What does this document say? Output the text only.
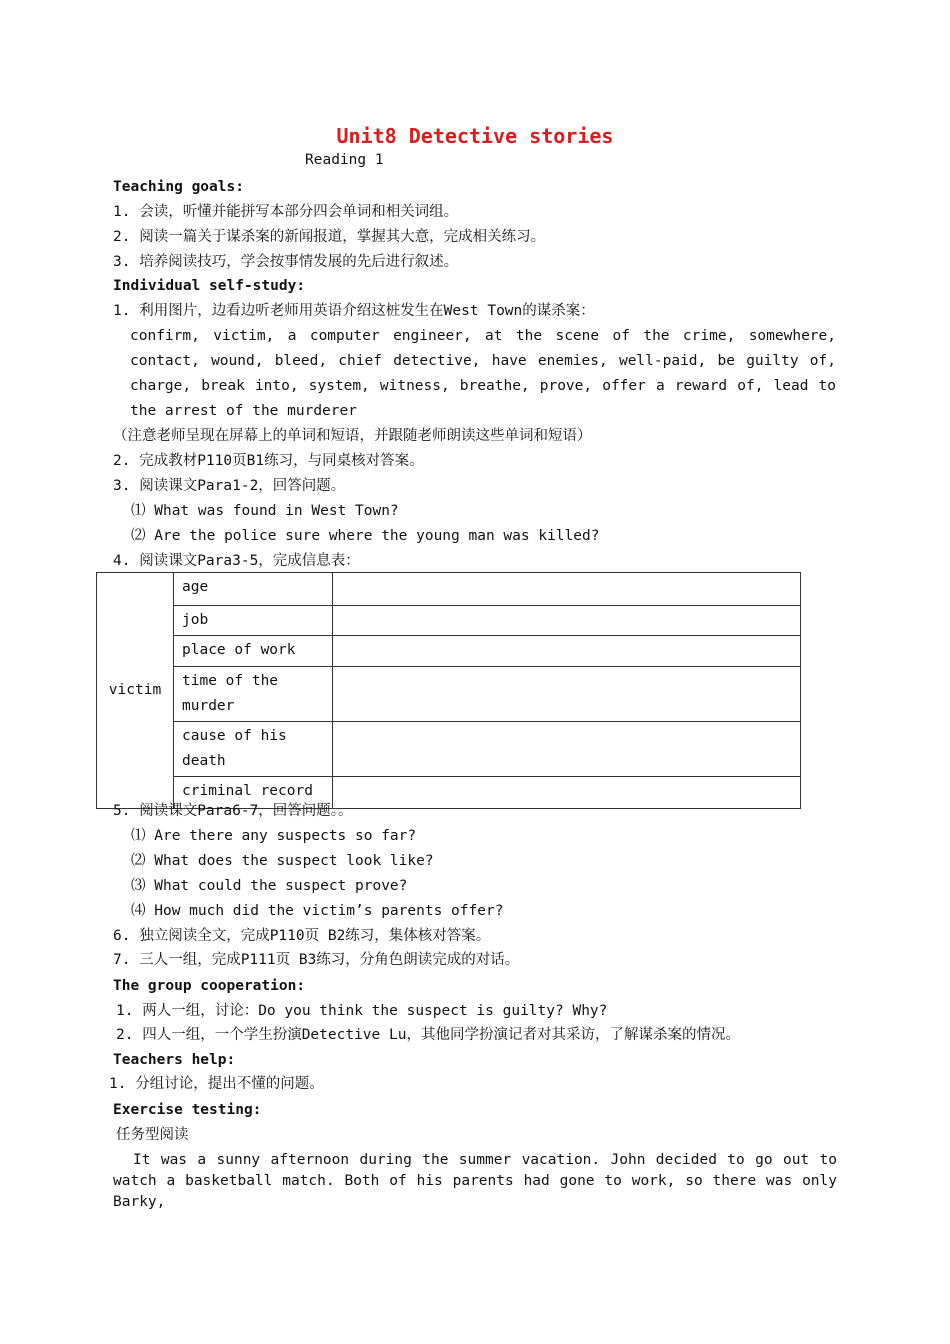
Unit8 Detective stories
Reading 1
Teaching goals:
1. 会读，听懂并能拼写本部分四会单词和相关词组。
2. 阅读一篇关于谋杀案的新闻报道，掌握其大意，完成相关练习。
3. 培养阅读技巧，学会按事情发展的先后进行叙述。
Individual self-study:
1. 利用图片，边看边听老师用英语介绍这桩发生在West Town的谋杀案：
confirm, victim, a computer engineer, at the scene of the crime, somewhere, contact, wound, bleed, chief detective, have enemies, well-paid, be guilty of, charge, break into, system, witness, breathe, prove, offer a reward of, lead to the arrest of the murderer
（注意老师呈现在屏幕上的单词和短语，并跟随老师朗读这些单词和短语）
2. 完成教材P110页B1练习，与同桌核对答案。
3. 阅读课文Para1-2，回答问题。
⑴ What was found in West Town?
⑵ Are the police sure where the young man was killed?
4. 阅读课文Para3-5，完成信息表：
victim	age	
	job	
	place of work	
	time of the murder	
	cause of his death	
	criminal record	
5. 阅读课文Para6-7，回答问题。。
⑴ Are there any suspects so far?
⑵ What does the suspect look like?
⑶ What could the suspect prove?
⑷ How much did the victim’s parents offer?
6. 独立阅读全文，完成P110页 B2练习，集体核对答案。
7. 三人一组，完成P111页 B3练习，分角色朗读完成的对话。
The group cooperation:
1. 两人一组，讨论：Do you think the suspect is guilty? Why?
2. 四人一组，一个学生扮演Detective Lu，其他同学扮演记者对其采访，了解谋杀案的情况。
Teachers help:
1. 分组讨论，提出不懂的问题。
Exercise testing:
任务型阅读
It was a sunny afternoon during the summer vacation. John decided to go out to watch a basketball match. Both of his parents had gone to work, so there was only Barky,
